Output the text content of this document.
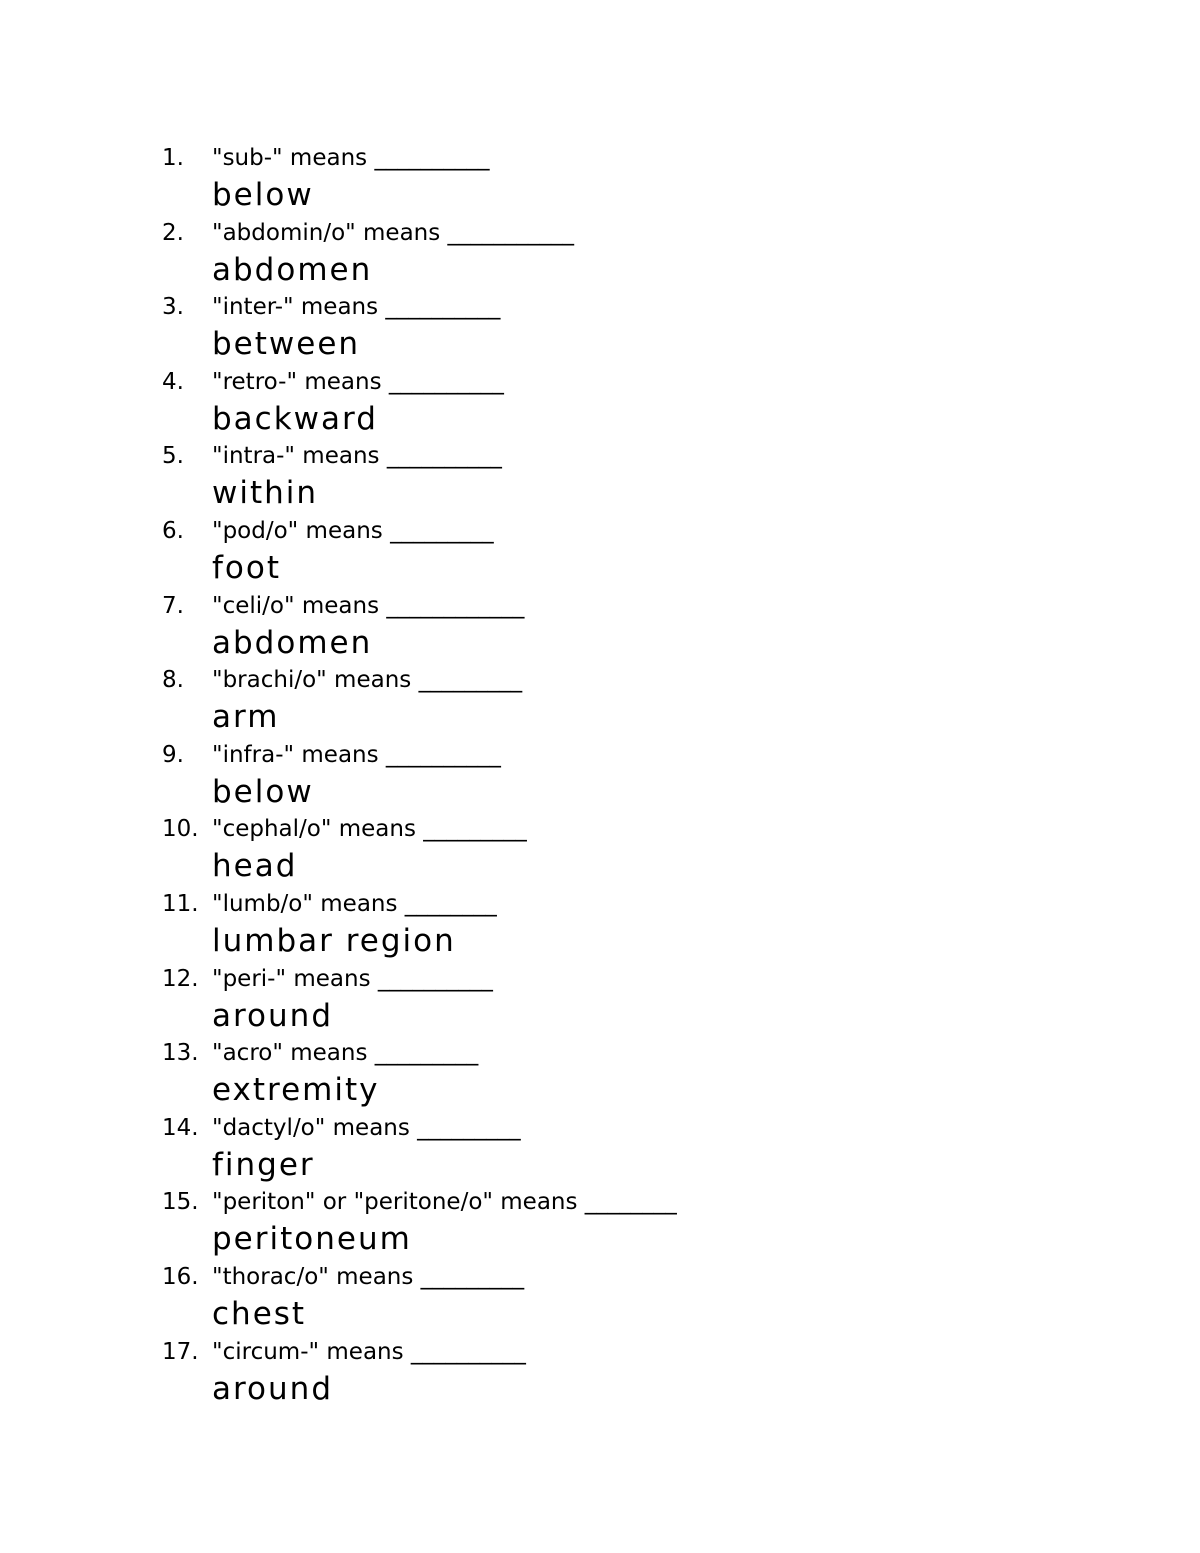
1. "sub-" means __________
below
2. "abdomin/o" means ___________
abdomen
3. "inter-" means __________
between
4. "retro-" means __________
backward
5. "intra-" means __________
within
6. "pod/o" means _________
foot
7. "celi/o" means ____________
abdomen
8. "brachi/o" means _________
arm
9. "infra-" means __________
below
10. "cephal/o" means _________
head
11. "lumb/o" means ________
lumbar region
12. "peri-" means __________
around
13. "acro" means _________
extremity
14. "dactyl/o" means _________
finger
15. "periton" or "peritone/o" means ________
peritoneum
16. "thorac/o" means _________
chest
17. "circum-" means __________
around
